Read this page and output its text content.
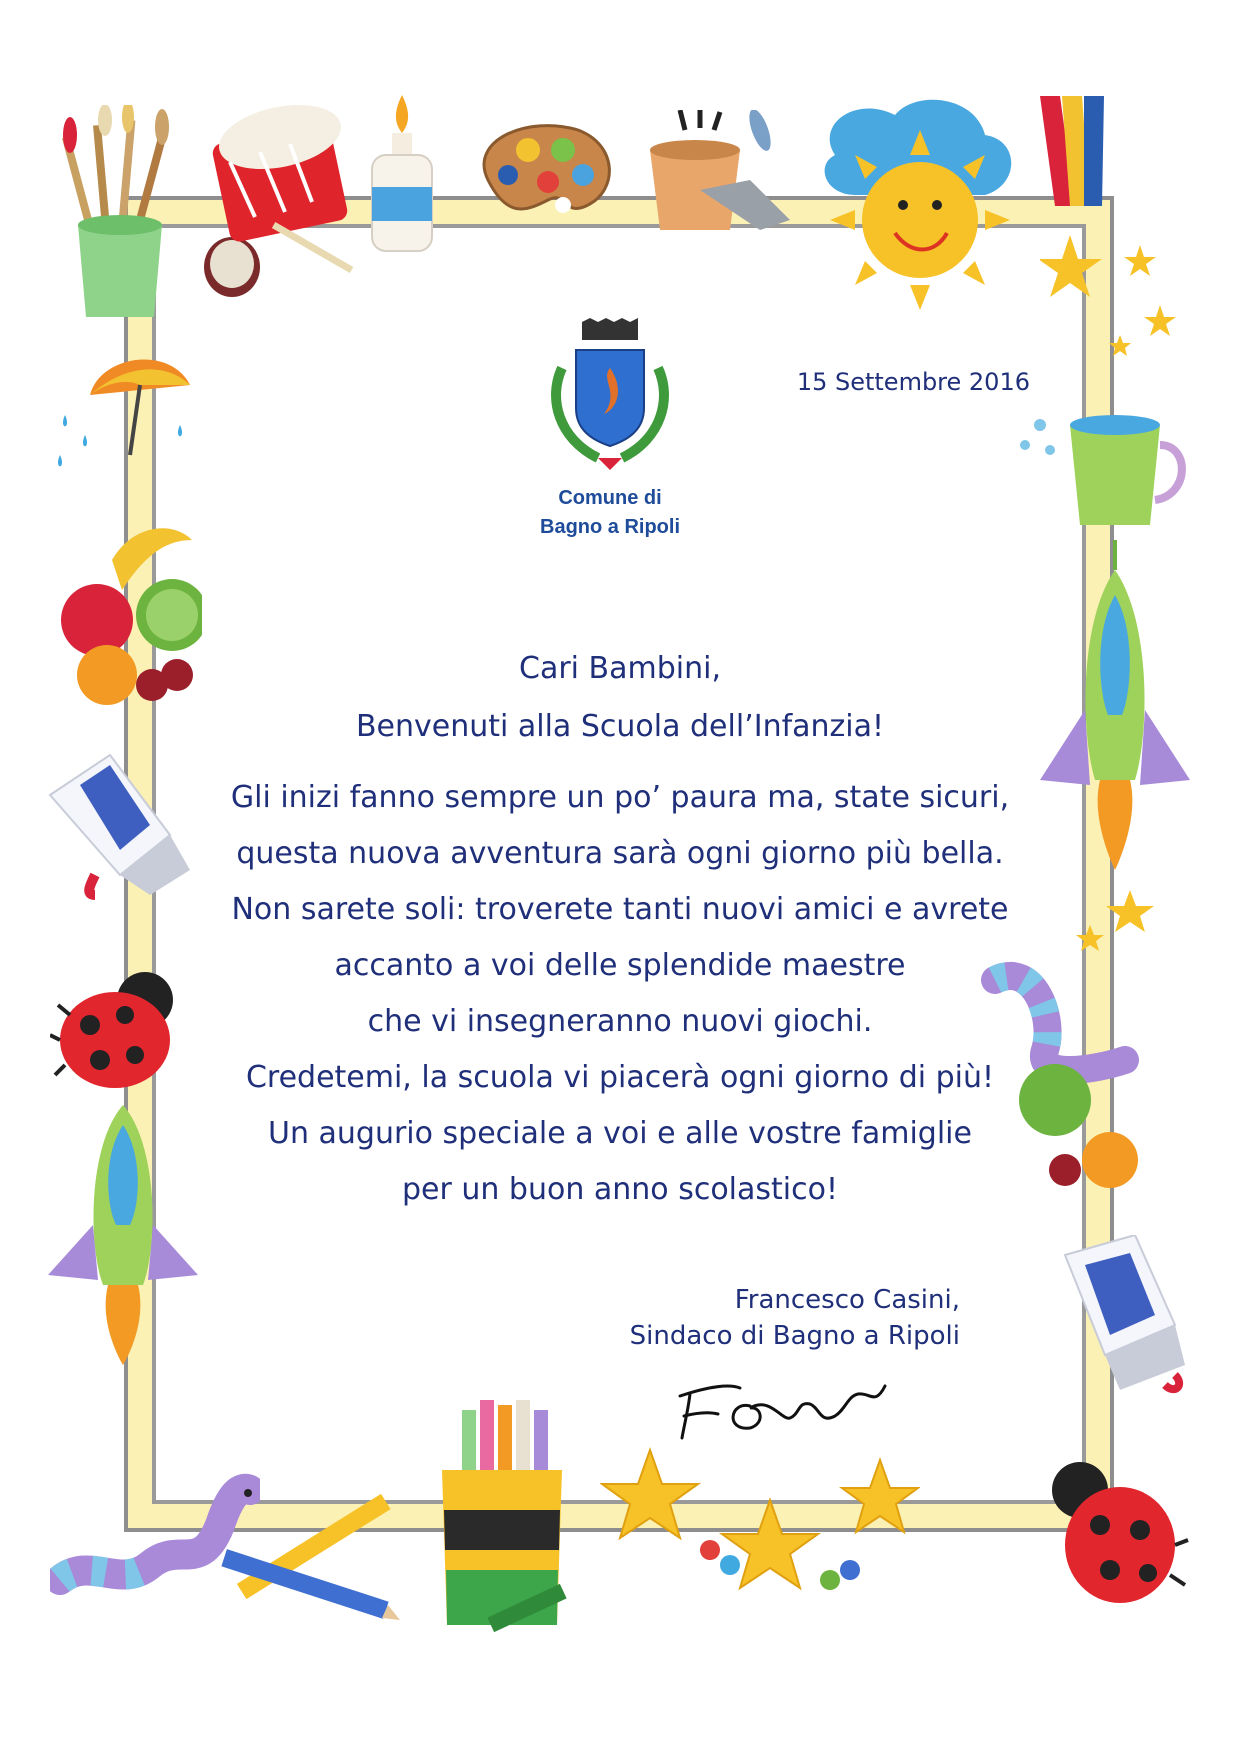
Comune di
Bagno a Ripoli
15 Settembre 2016
Cari Bambini,
Benvenuti alla Scuola dell’Infanzia!
Gli inizi fanno sempre un po’ paura ma, state sicuri,
questa nuova avventura sarà ogni giorno più bella.
Non sarete soli: troverete tanti nuovi amici e avrete
accanto a voi delle splendide maestre
che vi insegneranno nuovi giochi.
Credetemi, la scuola vi piacerà ogni giorno di più!
Un augurio speciale a voi e alle vostre famiglie
per un buon anno scolastico!
Francesco Casini,
Sindaco di Bagno a Ripoli
